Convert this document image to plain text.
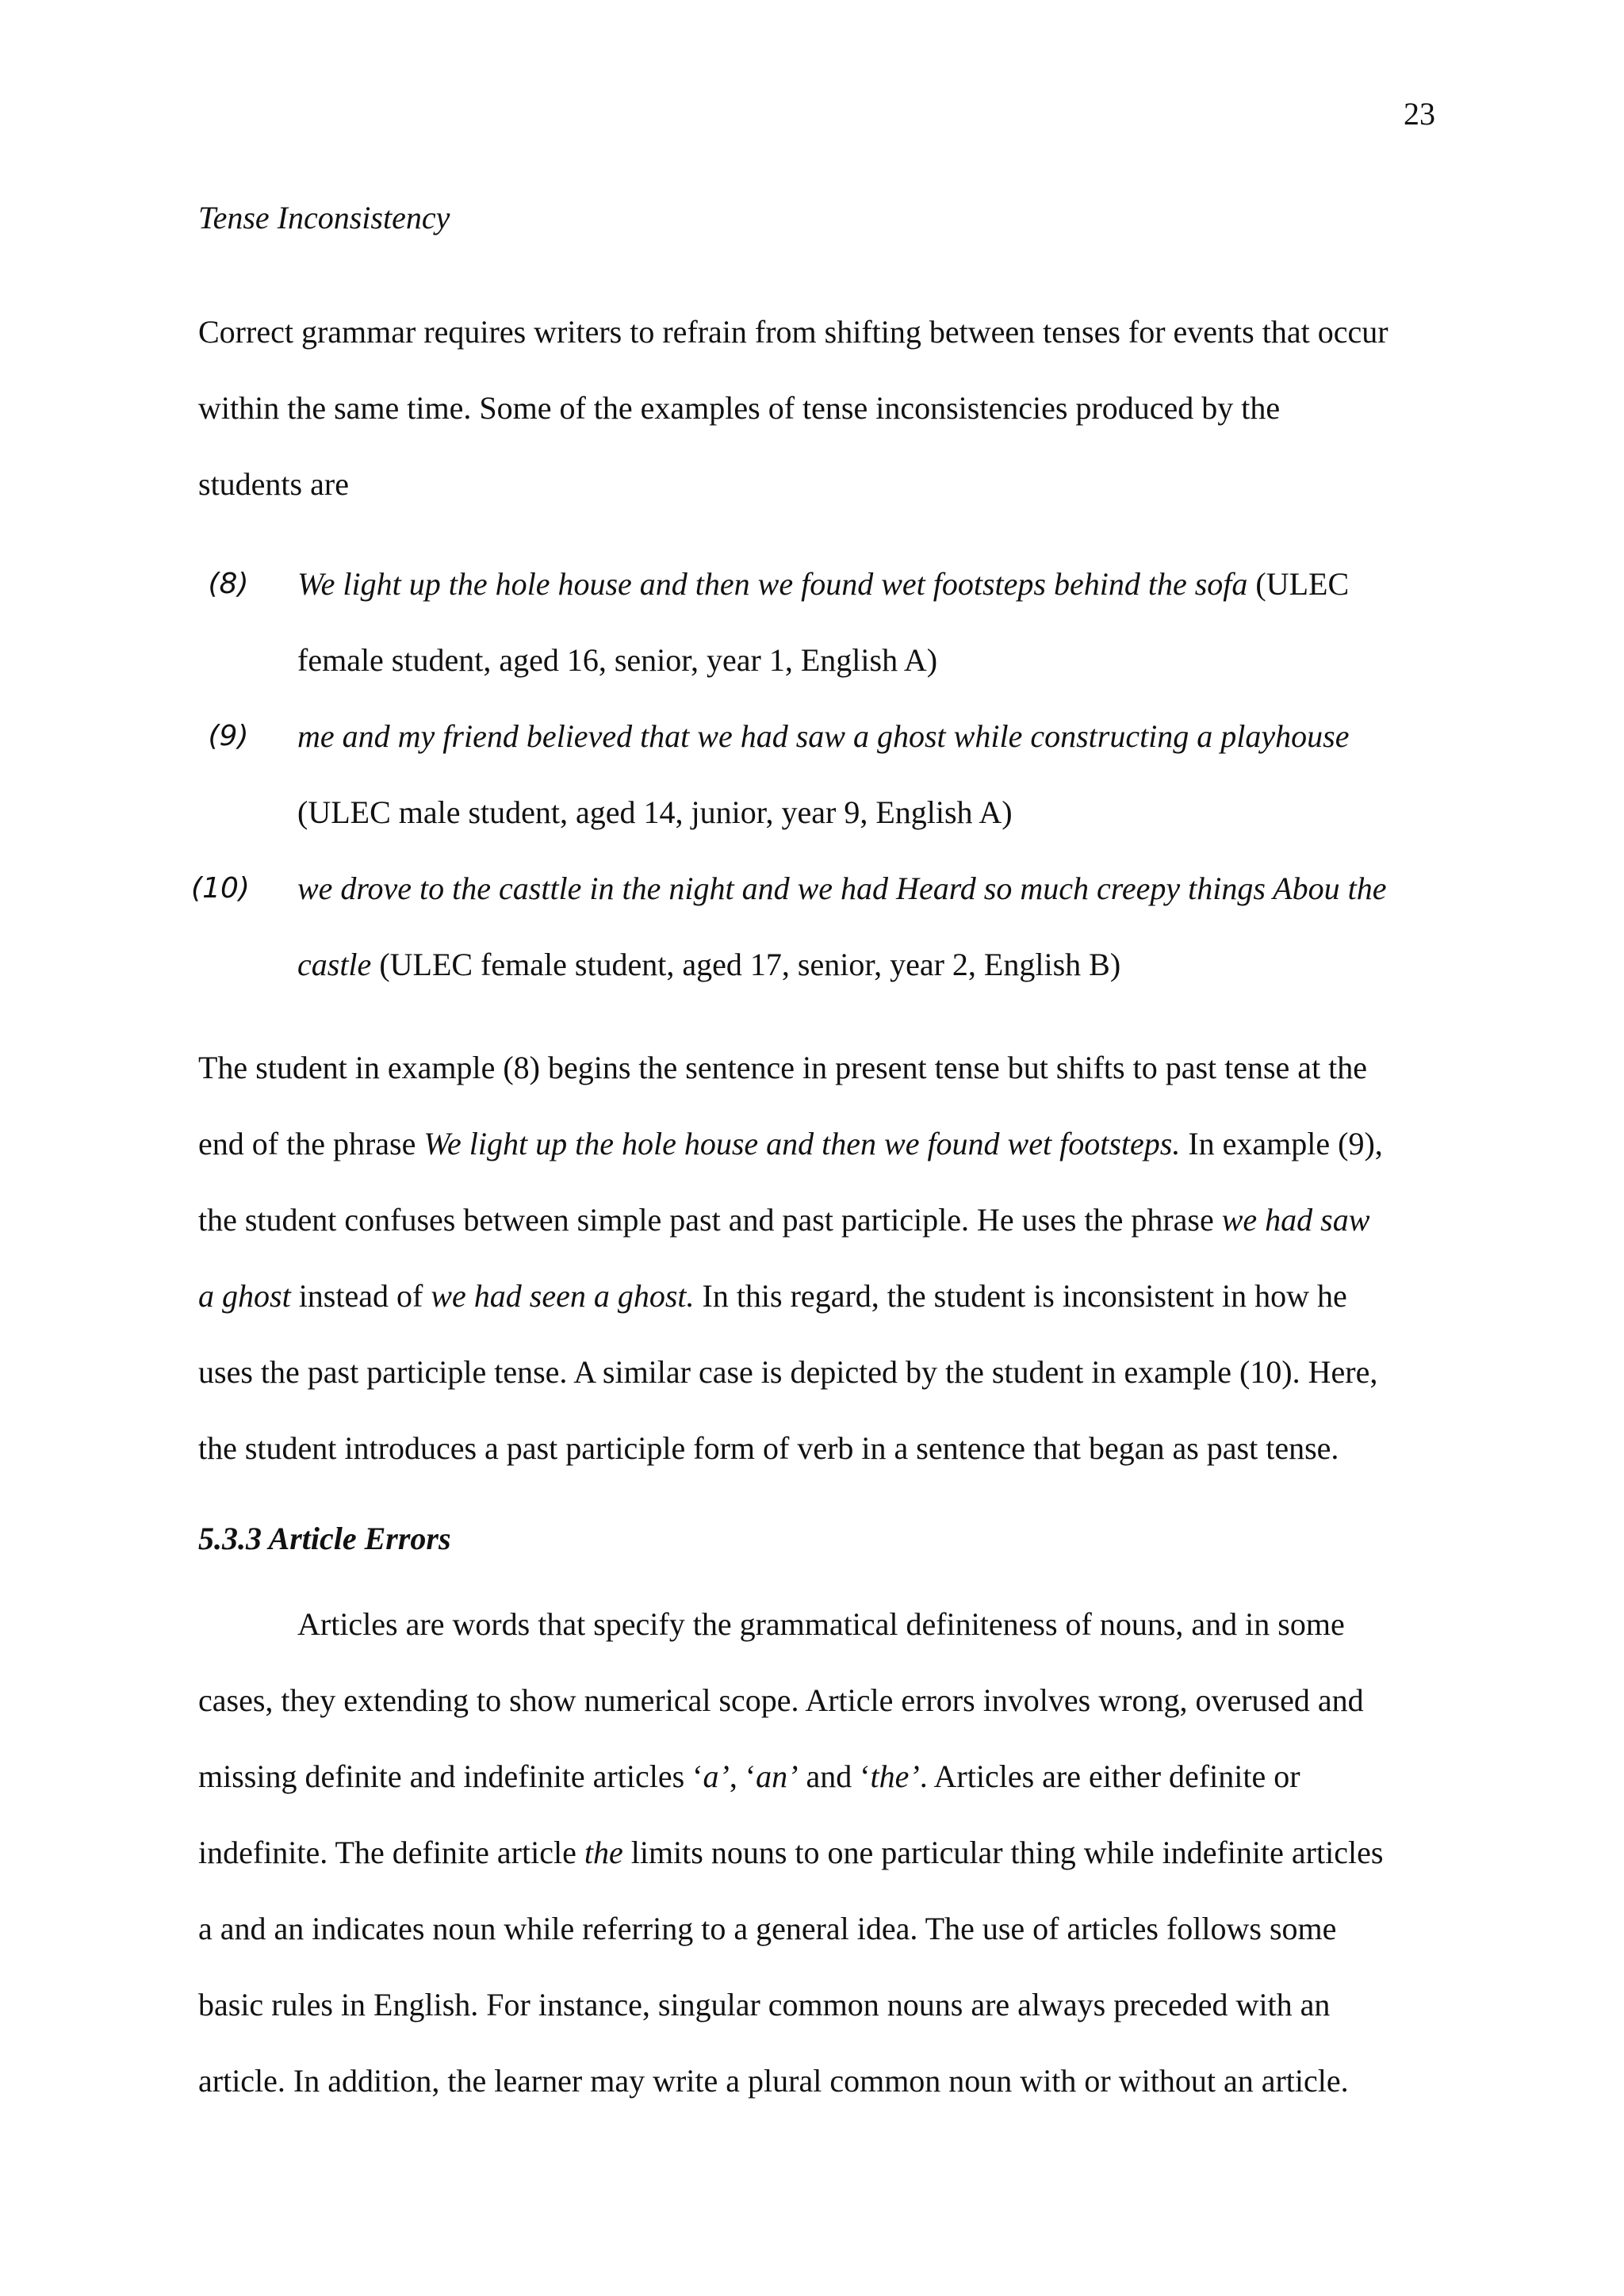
23
Tense Inconsistency
Correct grammar requires writers to refrain from shifting between tenses for events that occur
within the same time. Some of the examples of tense inconsistencies produced by the
students are
(8)	We light up the hole house and then we found wet footsteps behind the sofa (ULEC
female student, aged 16, senior, year 1, English A)
(9)	me and my friend believed that we had saw a ghost while constructing a playhouse
(ULEC male student, aged 14, junior, year 9, English A)
(10)	we drove to the casttle in the night and we had Heard so much creepy things Abou the
castle (ULEC female student, aged 17, senior, year 2, English B)
The student in example (8) begins the sentence in present tense but shifts to past tense at the
end of the phrase We light up the hole house and then we found wet footsteps. In example (9),
the student confuses between simple past and past participle. He uses the phrase we had saw
a ghost instead of we had seen a ghost. In this regard, the student is inconsistent in how he
uses the past participle tense. A similar case is depicted by the student in example (10). Here,
the student introduces a past participle form of verb in a sentence that began as past tense.
5.3.3 Article Errors
Articles are words that specify the grammatical definiteness of nouns, and in some
cases, they extending to show numerical scope. Article errors involves wrong, overused and
missing definite and indefinite articles ‘a’, ‘an’ and ‘the’. Articles are either definite or
indefinite. The definite article the limits nouns to one particular thing while indefinite articles
a and an indicates noun while referring to a general idea. The use of articles follows some
basic rules in English. For instance, singular common nouns are always preceded with an
article. In addition, the learner may write a plural common noun with or without an article.
